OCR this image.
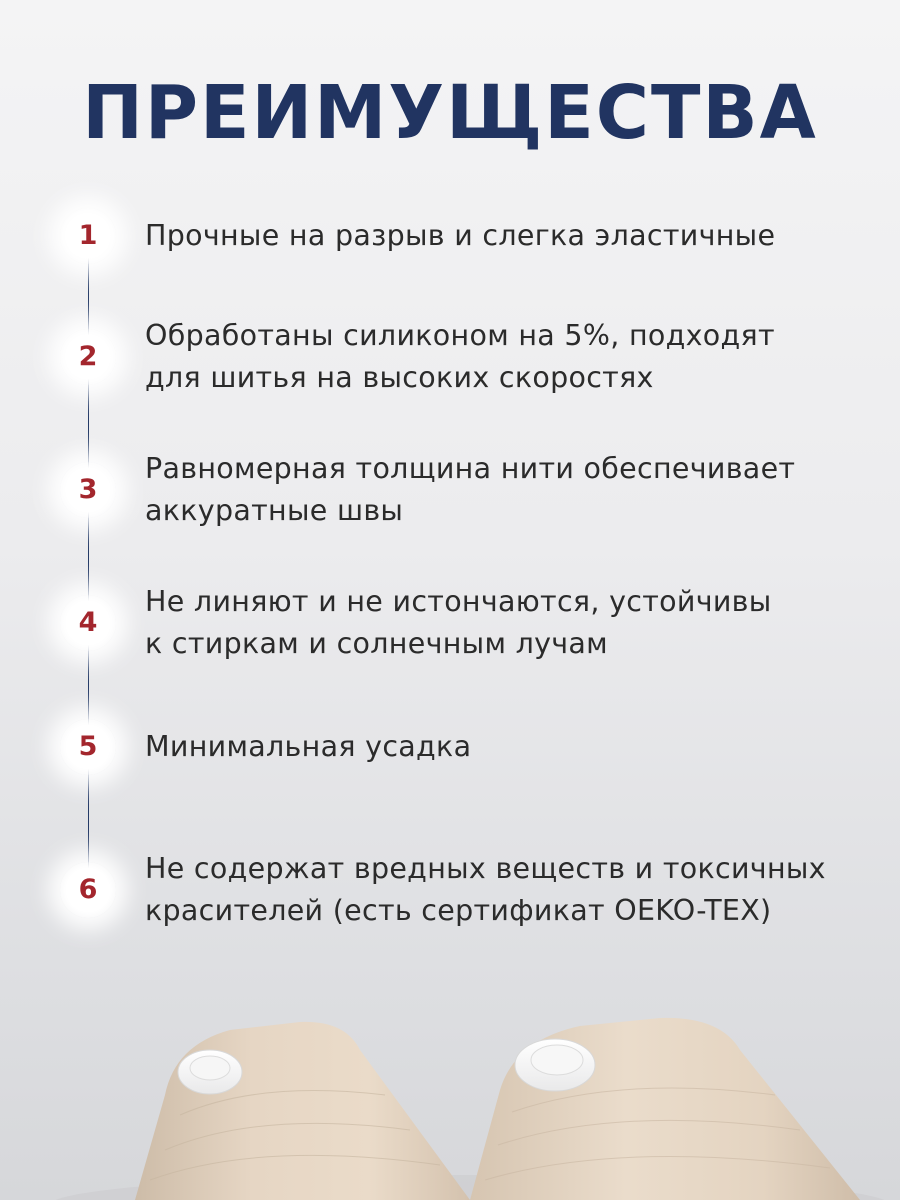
ПРЕИМУЩЕСТВА
1	Прочные на разрыв и слегка эластичные
2
Обработаны силиконом на 5%, подходят
для шитья на высоких скоростях
3
Равномерная толщина нити обеспечивает
аккуратные швы
4
Не линяют и не истончаются, устойчивы
к стиркам и солнечным лучам
5	Минимальная усадка
6
Не содержат вредных веществ и токсичных
красителей (есть сертификат OEKO-TEX)
